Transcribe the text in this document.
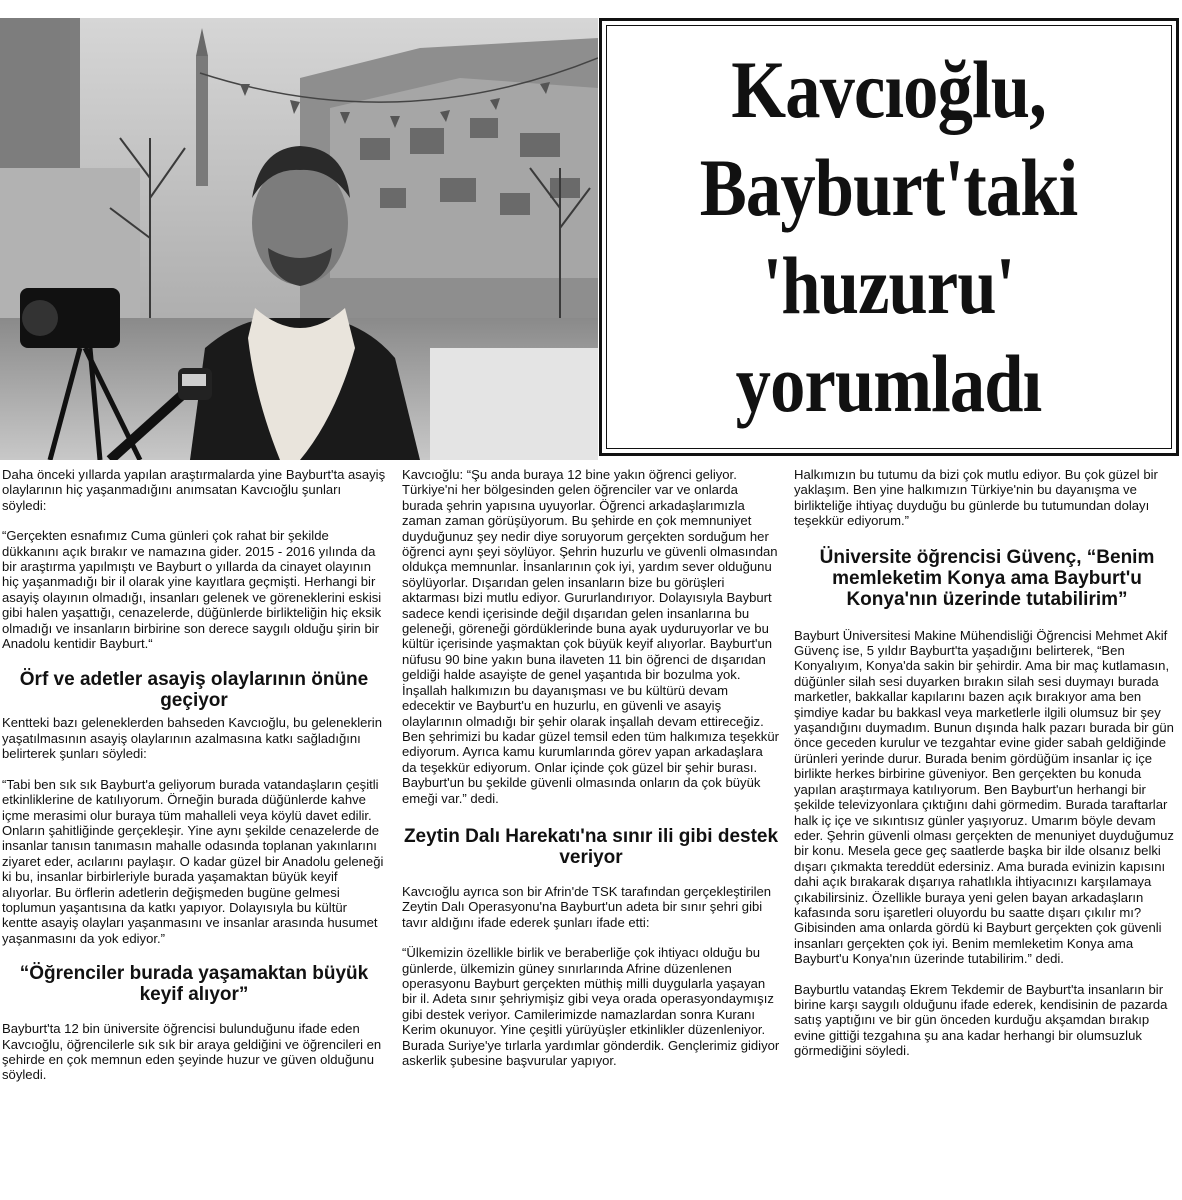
Kavcıoğlu,
Bayburt'taki
'huzuru'
yorumladı

Daha önceki yıllarda yapılan araştırmalarda yine Bayburt'ta asayiş olaylarının hiç yaşanmadığını anımsatan Kavcıoğlu şunları söyledi:

“Gerçekten esnafımız Cuma günleri çok rahat bir şekilde dükkanını açık bırakır ve namazına gider. 2015 - 2016 yılında da bir araştırma yapılmıştı ve Bayburt o yıllarda da cinayet olayının hiç yaşanmadığı bir il olarak yine kayıtlara geçmişti. Herhangi bir asayiş olayının olmadığı, insanları gelenek ve göreneklerini eskisi gibi halen yaşattığı, cenazelerde, düğünlerde birlikteliğin hiç eksik olmadığı ve insanların birbirine son derece saygılı olduğu şirin bir Anadolu kentidir Bayburt.“

Örf ve adetler asayiş olaylarının önüne geçiyor

Kentteki bazı geleneklerden bahseden Kavcıoğlu, bu geleneklerin yaşatılmasının asayiş olaylarının azalmasına katkı sağladığını belirterek şunları söyledi:

“Tabi ben sık sık Bayburt'a geliyorum burada vatandaşların çeşitli etkinliklerine de katılıyorum. Örneğin burada düğünlerde kahve içme merasimi olur buraya tüm mahalleli veya köylü davet edilir. Onların şahitliğinde gerçekleşir. Yine aynı şekilde cenazelerde de insanlar tanısın tanımasın mahalle odasında toplanan yakınlarını ziyaret eder, acılarını paylaşır. O kadar güzel bir Anadolu geleneği ki bu, insanlar birbirleriyle burada yaşamaktan büyük keyif alıyorlar. Bu örflerin adetlerin değişmeden bugüne gelmesi toplumun yaşantısına da katkı yapıyor. Dolayısıyla bu kültür kentte asayiş olayları yaşanmasını ve insanlar arasında husumet yaşanmasını da yok ediyor.”

“Öğrenciler burada yaşamaktan büyük keyif alıyor”

Bayburt'ta 12 bin üniversite öğrencisi bulunduğunu ifade eden Kavcıoğlu, öğrencilerle sık sık bir araya geldiğini ve öğrencileri en şehirde en çok memnun eden şeyinde huzur ve güven olduğunu söyledi.

Kavcıoğlu: “Şu anda buraya 12 bine yakın öğrenci geliyor. Türkiye'ni her bölgesinden gelen öğrenciler var ve onlarda burada şehrin yapısına uyuyorlar. Öğrenci arkadaşlarımızla zaman zaman görüşüyorum. Bu şehirde en çok memnuniyet duyduğunuz şey nedir diye soruyorum gerçekten sorduğum her öğrenci aynı şeyi söylüyor. Şehrin huzurlu ve güvenli olmasından oldukça memnunlar. İnsanlarının çok iyi, yardım sever olduğunu söylüyorlar. Dışarıdan gelen insanların bize bu görüşleri aktarması bizi mutlu ediyor. Gururlandırıyor. Dolayısıyla Bayburt sadece kendi içerisinde değil dışarıdan gelen insanlarına bu geleneği, göreneği gördüklerinde buna ayak uyduruyorlar ve bu kültür içerisinde yaşmaktan çok büyük keyif alıyorlar. Bayburt'un nüfusu 90 bine yakın buna ilaveten 11 bin öğrenci de dışarıdan geldiği halde asayişte de genel yaşantıda bir bozulma yok. İnşallah halkımızın bu dayanışması ve bu kültürü devam edecektir ve Bayburt'u en huzurlu, en güvenli ve asayiş olaylarının olmadığı bir şehir olarak inşallah devam ettireceğiz. Ben şehrimizi bu kadar güzel temsil eden tüm halkımıza teşekkür ediyorum. Ayrıca kamu kurumlarında görev yapan arkadaşlara da teşekkür ediyorum. Onlar içinde çok güzel bir şehir burası. Bayburt'un bu şekilde güvenli olmasında onların da çok büyük emeği var.” dedi.

Zeytin Dalı Harekatı'na sınır ili gibi destek veriyor

Kavcıoğlu ayrıca son bir Afrin'de TSK tarafından gerçekleştirilen Zeytin Dalı Operasyonu'na Bayburt'un adeta bir sınır şehri gibi tavır aldığını ifade ederek şunları ifade etti:

“Ülkemizin özellikle birlik ve beraberliğe çok ihtiyacı olduğu bu günlerde, ülkemizin güney sınırlarında Afrine düzenlenen operasyonu Bayburt gerçekten müthiş milli duygularla yaşayan bir il. Adeta sınır şehriymişiz gibi veya orada operasyondaymışız gibi destek veriyor. Camilerimizde namazlardan sonra Kuranı Kerim okunuyor. Yine çeşitli yürüyüşler etkinlikler düzenleniyor. Burada Suriye'ye tırlarla yardımlar gönderdik. Gençlerimiz gidiyor askerlik şubesine başvurular yapıyor.

Halkımızın bu tutumu da bizi çok mutlu ediyor. Bu çok güzel bir yaklaşım. Ben yine halkımızın Türkiye'nin bu dayanışma ve birlikteliğe ihtiyaç duyduğu bu günlerde bu tutumundan dolayı teşekkür ediyorum.”

Üniversite öğrencisi Güvenç, “Benim memleketim Konya ama Bayburt'u Konya'nın üzerinde tutabilirim”

Bayburt Üniversitesi Makine Mühendisliği Öğrencisi Mehmet Akif Güvenç ise, 5 yıldır Bayburt'ta yaşadığını belirterek, “Ben Konyalıyım, Konya'da sakin bir şehirdir. Ama bir maç kutlamasın, düğünler silah sesi duyarken bırakın silah sesi duymayı burada marketler, bakkallar kapılarını bazen açık bırakıyor ama ben şimdiye kadar bu bakkasl veya marketlerle ilgili olumsuz bir şey yaşandığını duymadım. Bunun dışında halk pazarı burada bir gün önce geceden kurulur ve tezgahtar evine gider sabah geldiğinde ürünleri yerinde durur. Burada benim gördüğüm insanlar iç içe birlikte herkes birbirine güveniyor. Ben gerçekten bu konuda yapılan araştırmaya katılıyorum. Ben Bayburt'un herhangi bir şekilde televizyonlara çıktığını dahi görmedim. Burada taraftarlar halk iç içe ve sıkıntısız günler yaşıyoruz. Umarım böyle devam eder. Şehrin güvenli olması gerçekten de menuniyet duyduğumuz bir konu. Mesela gece geç saatlerde başka bir ilde olsanız belki dışarı çıkmakta tereddüt edersiniz. Ama burada evinizin kapısını dahi açık bırakarak dışarıya rahatlıkla ihtiyacınızı karşılamaya çıkabilirsiniz. Özellikle buraya yeni gelen bayan arkadaşların kafasında soru işaretleri oluyordu bu saatte dışarı çıkılır mı? Gibisinden ama onlarda gördü ki Bayburt gerçekten çok güvenli insanları gerçekten çok iyi. Benim memleketim Konya ama Bayburt'u Konya'nın üzerinde tutabilirim.” dedi.

Bayburtlu vatandaş Ekrem Tekdemir de Bayburt'ta insanların bir birine karşı saygılı olduğunu ifade ederek, kendisinin de pazarda satış yaptığını ve bir gün önceden kurduğu akşamdan bırakıp evine gittiği tezgahına şu ana kadar herhangi bir olumsuzluk görmediğini söyledi.
